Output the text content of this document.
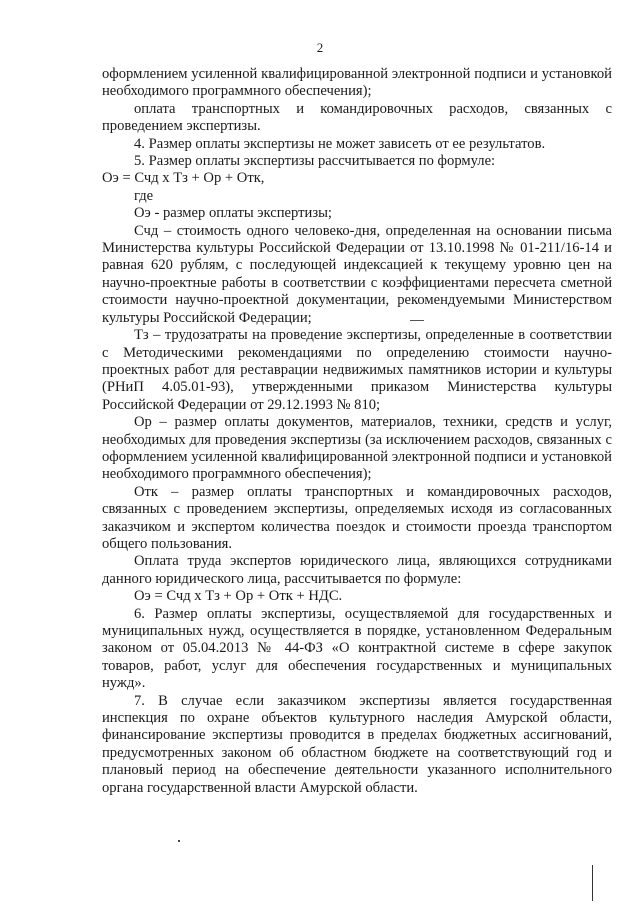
2

оформлением усиленной квалифицированной электронной подписи и установкой необходимого программного обеспечения);

оплата транспортных и командировочных расходов, связанных с проведением экспертизы.

4. Размер оплаты экспертизы не может зависеть от ее результатов.

5. Размер оплаты экспертизы рассчитывается по формуле:

Оэ = Счд х Тз + Ор + Отк,

где

Оэ - размер оплаты экспертизы;

Счд – стоимость одного человеко-дня, определенная на основании письма Министерства культуры Российской Федерации от 13.10.1998 № 01-211/16-14 и равная 620 рублям, с последующей индексацией к текущему уровню цен на научно-проектные работы в соответствии с коэффициентами пересчета сметной стоимости научно-проектной документации, рекомендуемыми Министерством культуры Российской Федерации;

Тз – трудозатраты на проведение экспертизы, определенные в соответствии с Методическими рекомендациями по определению стоимости научно-проектных работ для реставрации недвижимых памятников истории и культуры (РНиП 4.05.01-93), утвержденными приказом Министерства культуры Российской Федерации от 29.12.1993 № 810;

Ор – размер оплаты документов, материалов, техники, средств и услуг, необходимых для проведения экспертизы (за исключением расходов, связанных с оформлением усиленной квалифицированной электронной подписи и установкой необходимого программного обеспечения);

Отк – размер оплаты транспортных и командировочных расходов, связанных с проведением экспертизы, определяемых исходя из согласованных заказчиком и экспертом количества поездок и стоимости проезда транспортом общего пользования.

Оплата труда экспертов юридического лица, являющихся сотрудниками данного юридического лица, рассчитывается по формуле:

Оэ = Счд х Тз + Ор + Отк + НДС.

6. Размер оплаты экспертизы, осуществляемой для государственных и муниципальных нужд, осуществляется в порядке, установленном Федеральным законом от 05.04.2013 № 44-ФЗ «О контрактной системе в сфере закупок товаров, работ, услуг для обеспечения государственных и муниципальных нужд».

7. В случае если заказчиком экспертизы является государственная инспекция по охране объектов культурного наследия Амурской области, финансирование экспертизы проводится в пределах бюджетных ассигнований, предусмотренных законом об областном бюджете на соответствующий год и плановый период на обеспечение деятельности указанного исполнительного органа государственной власти Амурской области.
